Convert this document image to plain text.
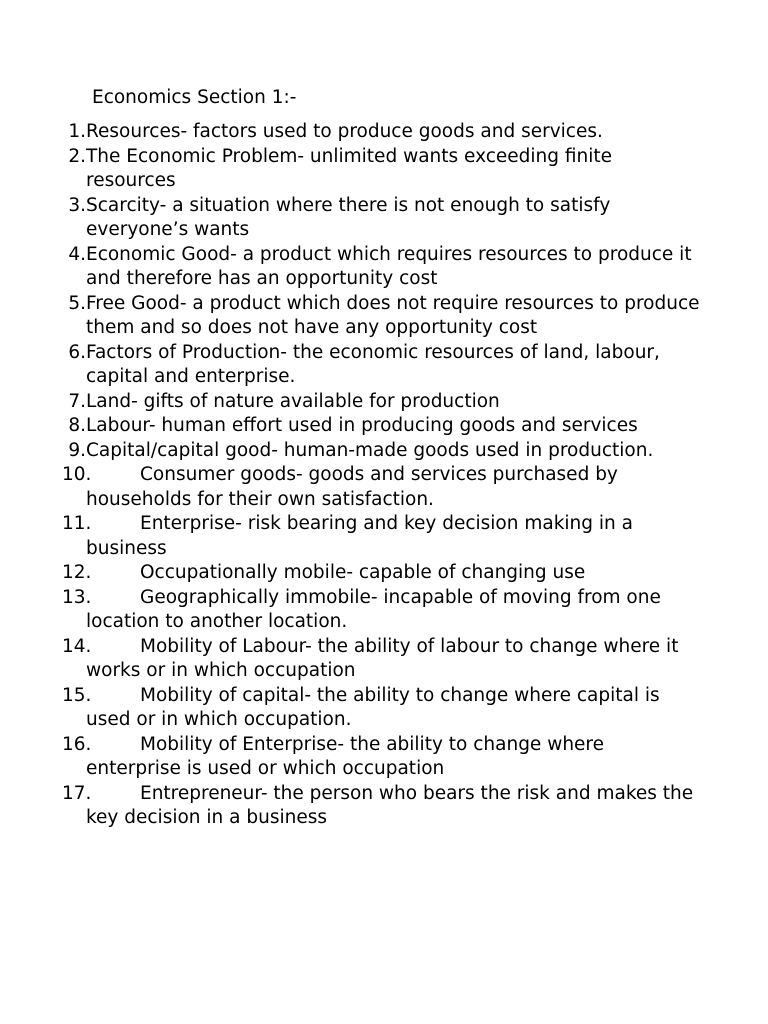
Economics Section 1:-
1. Resources- factors used to produce goods and services.
2. The Economic Problem- unlimited wants exceeding finite resources
3. Scarcity- a situation where there is not enough to satisfy everyone’s wants
4. Economic Good- a product which requires resources to produce it and therefore has an opportunity cost
5. Free Good- a product which does not require resources to produce them and so does not have any opportunity cost
6. Factors of Production- the economic resources of land, labour, capital and enterprise.
7. Land- gifts of nature available for production
8. Labour- human effort used in producing goods and services
9. Capital/capital good- human-made goods used in production.
10.	Consumer goods- goods and services purchased by households for their own satisfaction.
11.	Enterprise- risk bearing and key decision making in a business
12.	Occupationally mobile- capable of changing use
13.	Geographically immobile- incapable of moving from one location to another location.
14.	Mobility of Labour- the ability of labour to change where it works or in which occupation
15.	Mobility of capital- the ability to change where capital is used or in which occupation.
16.	Mobility of Enterprise- the ability to change where enterprise is used or which occupation
17.	Entrepreneur- the person who bears the risk and makes the key decision in a business
